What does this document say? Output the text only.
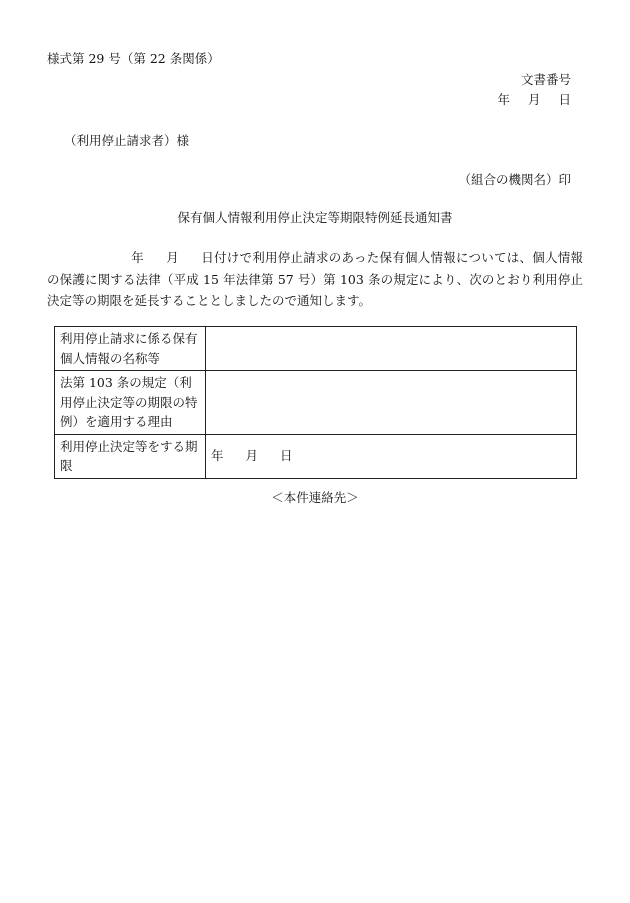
様式第 29 号（第 22 条関係）
文書番号
年 月 日
（利用停止請求者）様
（組合の機関名）印
保有個人情報利用停止決定等期限特例延長通知書
年 月 日付けで利用停止請求のあった保有個人情報については、個人情報の保護に関する法律（平成 15 年法律第 57 号）第 103 条の規定により、次のとおり利用停止決定等の期限を延長することとしましたので通知します。
利用停止請求に係る保有個人情報の名称等	
法第 103 条の規定（利用停止決定等の期限の特例）を適用する理由	
利用停止決定等をする期限	年 月 日
＜本件連絡先＞
